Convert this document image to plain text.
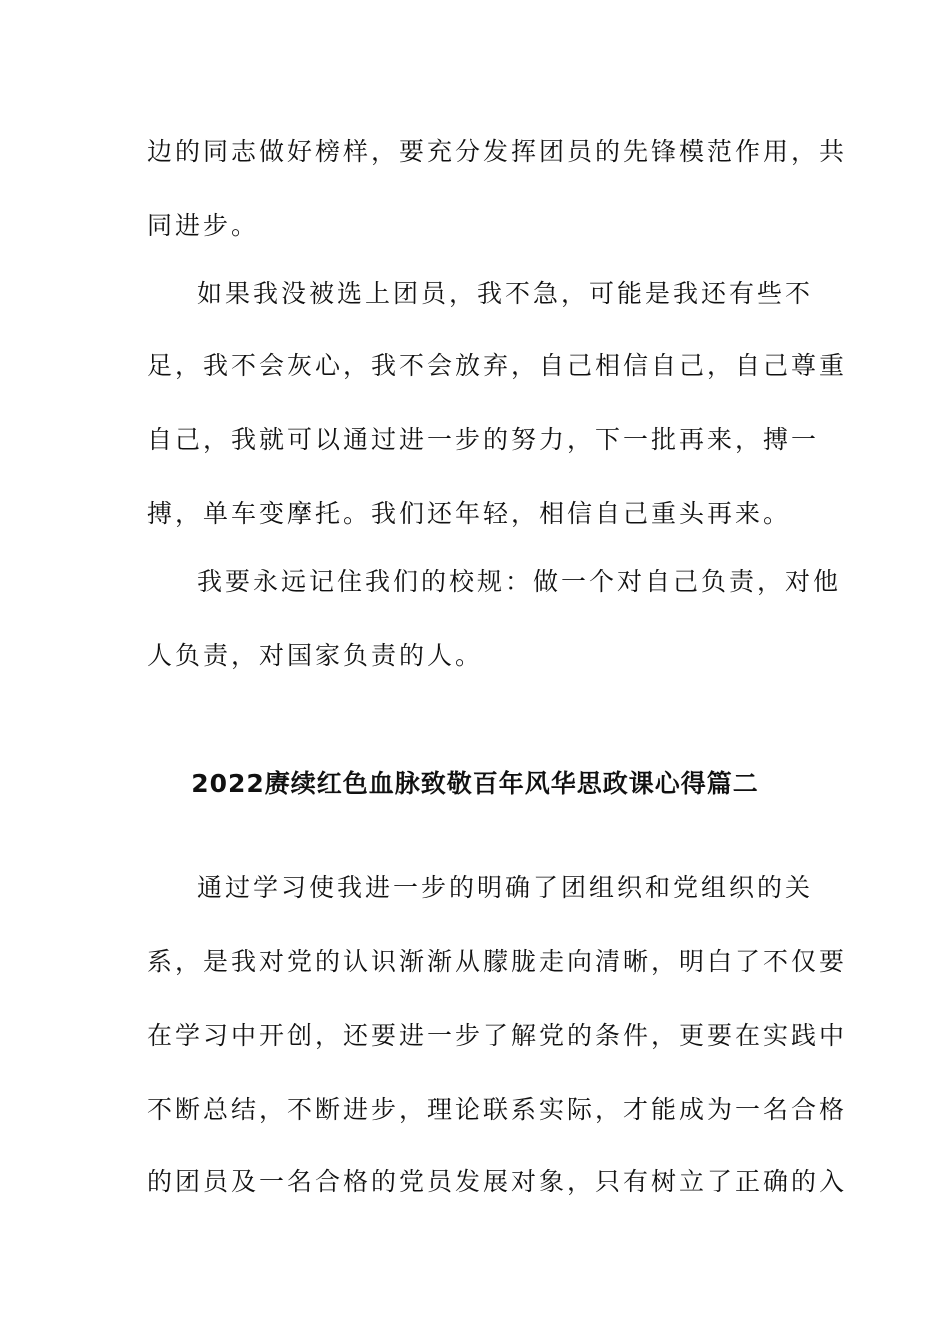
边的同志做好榜样，要充分发挥团员的先锋模范作用，共
同进步。
如果我没被选上团员，我不急，可能是我还有些不
足，我不会灰心，我不会放弃，自己相信自己，自己尊重
自己，我就可以通过进一步的努力，下一批再来，搏一
搏，单车变摩托。我们还年轻，相信自己重头再来。
我要永远记住我们的校规：做一个对自己负责，对他
人负责，对国家负责的人。
2022赓续红色血脉致敬百年风华思政课心得篇二
通过学习使我进一步的明确了团组织和党组织的关
系，是我对党的认识渐渐从朦胧走向清晰，明白了不仅要
在学习中开创，还要进一步了解党的条件，更要在实践中
不断总结，不断进步，理论联系实际，才能成为一名合格
的团员及一名合格的党员发展对象，只有树立了正确的入
